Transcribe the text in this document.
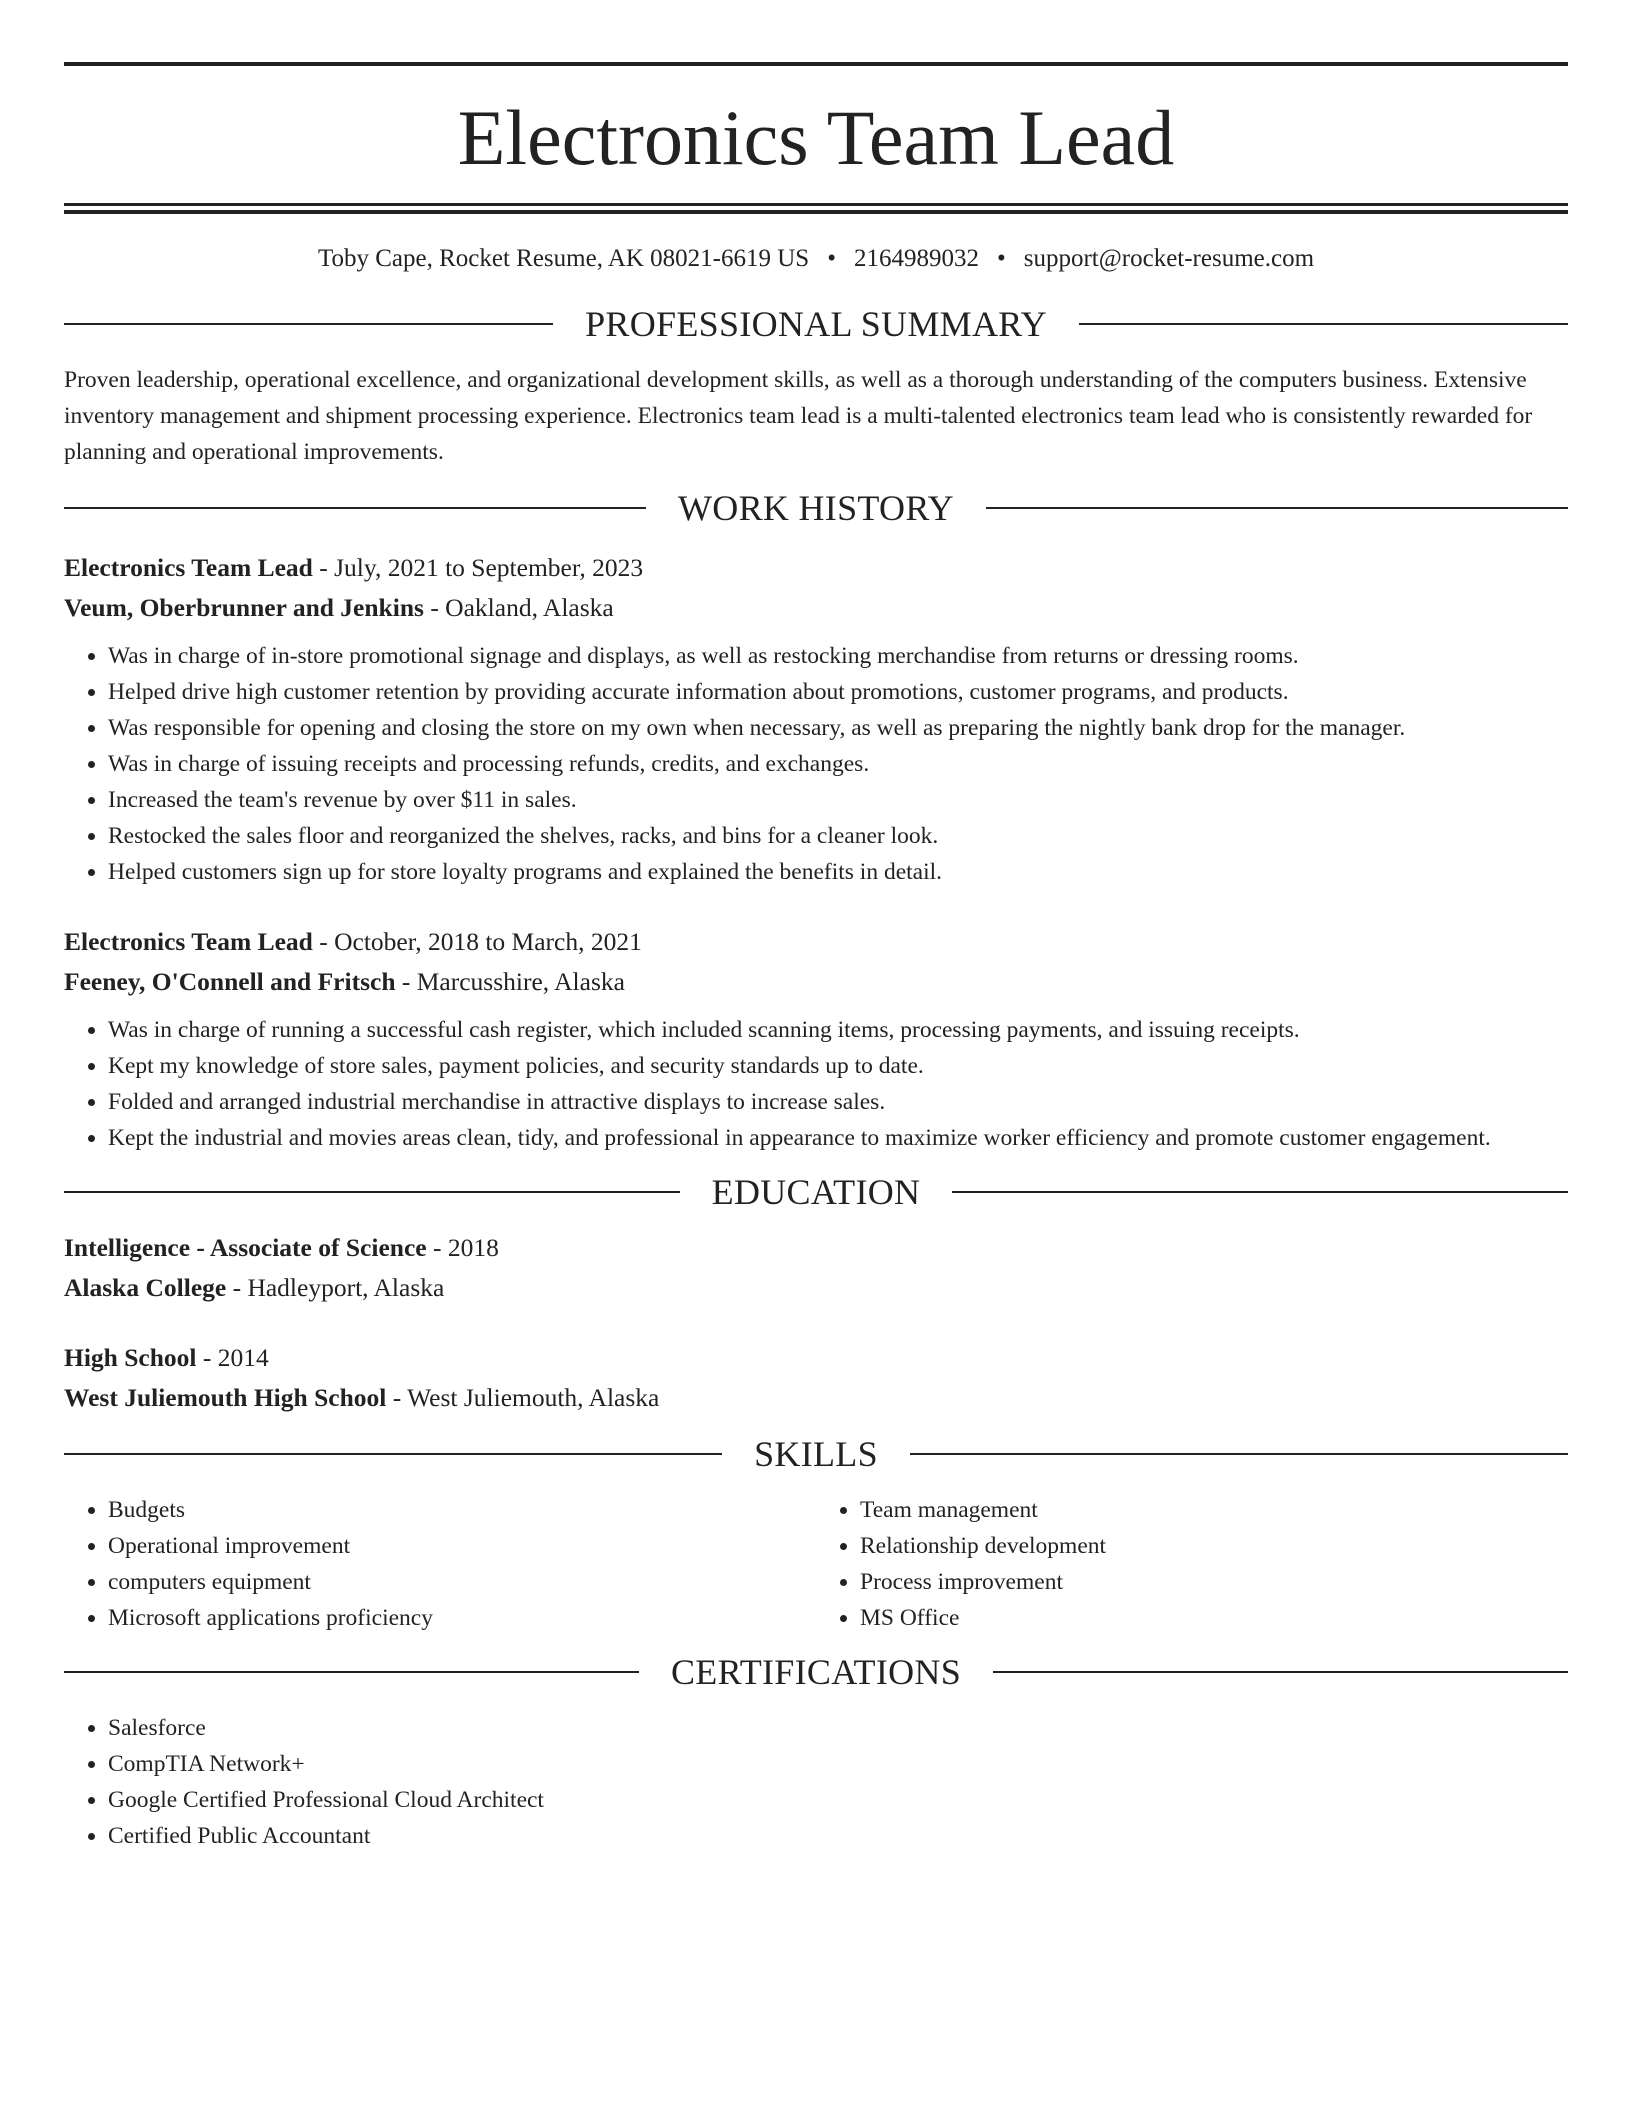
Electronics Team Lead
Toby Cape, Rocket Resume, AK 08021-6619 US • 2164989032 • support@rocket-resume.com
PROFESSIONAL SUMMARY
Proven leadership, operational excellence, and organizational development skills, as well as a thorough understanding of the computers business. Extensive inventory management and shipment processing experience. Electronics team lead is a multi-talented electronics team lead who is consistently rewarded for planning and operational improvements.
WORK HISTORY
Electronics Team Lead - July, 2021 to September, 2023
Veum, Oberbrunner and Jenkins - Oakland, Alaska
• Was in charge of in-store promotional signage and displays, as well as restocking merchandise from returns or dressing rooms.
• Helped drive high customer retention by providing accurate information about promotions, customer programs, and products.
• Was responsible for opening and closing the store on my own when necessary, as well as preparing the nightly bank drop for the manager.
• Was in charge of issuing receipts and processing refunds, credits, and exchanges.
• Increased the team's revenue by over $11 in sales.
• Restocked the sales floor and reorganized the shelves, racks, and bins for a cleaner look.
• Helped customers sign up for store loyalty programs and explained the benefits in detail.
Electronics Team Lead - October, 2018 to March, 2021
Feeney, O'Connell and Fritsch - Marcusshire, Alaska
• Was in charge of running a successful cash register, which included scanning items, processing payments, and issuing receipts.
• Kept my knowledge of store sales, payment policies, and security standards up to date.
• Folded and arranged industrial merchandise in attractive displays to increase sales.
• Kept the industrial and movies areas clean, tidy, and professional in appearance to maximize worker efficiency and promote customer engagement.
EDUCATION
Intelligence - Associate of Science - 2018
Alaska College - Hadleyport, Alaska
High School - 2014
West Juliemouth High School - West Juliemouth, Alaska
SKILLS
• Budgets
• Operational improvement
• computers equipment
• Microsoft applications proficiency
• Team management
• Relationship development
• Process improvement
• MS Office
CERTIFICATIONS
• Salesforce
• CompTIA Network+
• Google Certified Professional Cloud Architect
• Certified Public Accountant
